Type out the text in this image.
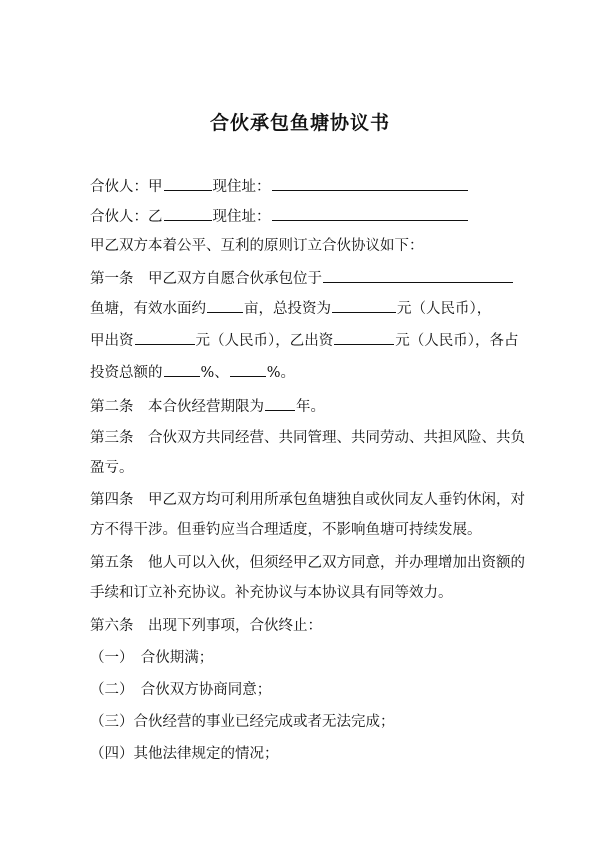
合伙承包鱼塘协议书

合伙人：甲	现住址：

合伙人：乙	现住址：

甲乙双方本着公平、互利的原则订立合伙协议如下：

第一条　甲乙双方自愿合伙承包位于

鱼塘，有效水面约	亩，总投资为	元（人民币），

甲出资	元（人民币），乙出资	元（人民币），各占

投资总额的	%、	%。

第二条　本合伙经营期限为 年。

第三条　合伙双方共同经营、共同管理、共同劳动、共担风险、共负

盈亏。

第四条　甲乙双方均可利用所承包鱼塘独自或伙同友人垂钓休闲，对

方不得干涉。但垂钓应当合理适度，不影响鱼塘可持续发展。

第五条　他人可以入伙，但须经甲乙双方同意，并办理增加出资额的

手续和订立补充协议。补充协议与本协议具有同等效力。

第六条　出现下列事项，合伙终止：

（一）　合伙期满；

（二）　合伙双方协商同意；

（三）合伙经营的事业已经完成或者无法完成；

（四）其他法律规定的情况；
